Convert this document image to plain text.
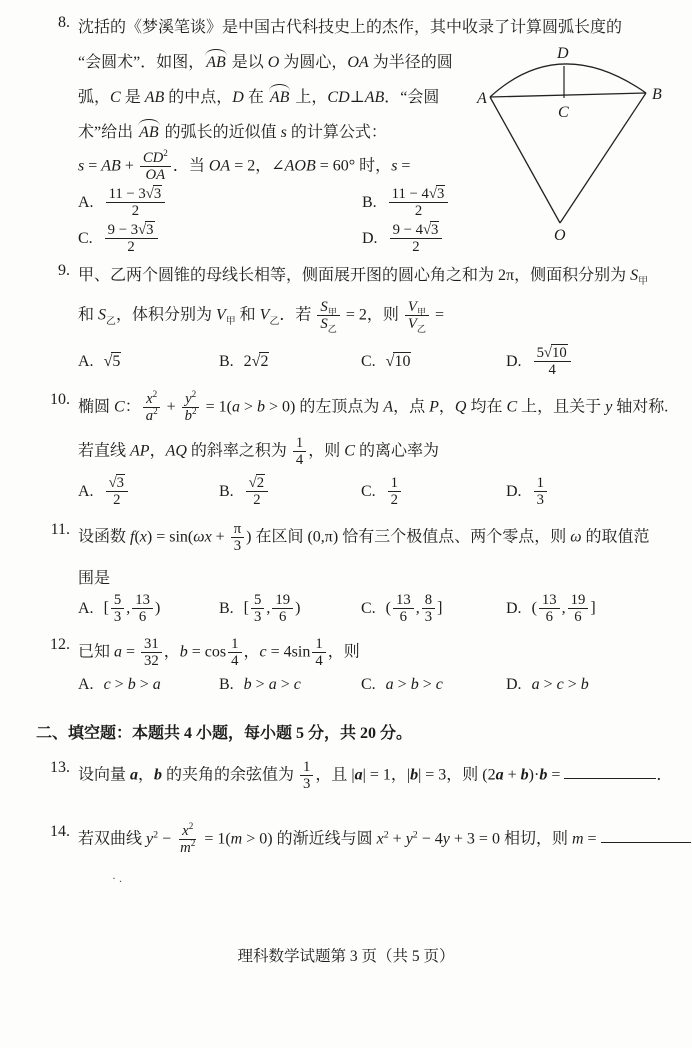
8. 沈括的《梦溪笔谈》是中国古代科技史上的杰作，其中收录了计算圆弧长度的
“会圆术”．如图， AB 是以 O 为圆心，OA 为半径的圆
弧，C 是 AB 的中点，D 在 AB 上，CD⊥AB．“会圆
术”给出 AB 的弧长的近似值 s 的计算公式：
s = AB + $\frac{CD^2}{OA}$ ．当 OA = 2，∠AOB = 60° 时，s =
A. $\frac{11 - 3√3}{2}$	B. $\frac{11 - 4√3}{2}$
C. $\frac{9 - 3√3}{2}$	D. $\frac{9 - 4√3}{2}$
A	B
C
D
O
9. 甲、乙两个圆锥的母线长相等，侧面展开图的圆心角之和为 2π，侧面积分别为 $S_甲$
和 $S_乙$，体积分别为 $V_甲$ 和 $V_乙$．若 $\frac{S_甲}{S_乙} = 2$，则 $\frac{V_甲}{V_乙}$ =
A. √5	B. 2√2	C. √10	D. $\frac{5√10}{4}$
10. 椭圆 C： $\frac{x^2}{a^2} + \frac{y^2}{b^2} = 1(a > b > 0)$ 的左顶点为 A，点 P，Q 均在 C 上，且关于 y 轴对称.
若直线 AP，AQ 的斜率之积为 $\frac{1}{4}$ ，则 C 的离心率为
A. $\frac{√3}{2}$	B. $\frac{√2}{2}$	C. $\frac{1}{2}$	D. $\frac{1}{3}$
11. 设函数 $f(x) = \sin(\omega x + \frac{\pi}{3}$ ) 在区间 (0,π) 恰有三个极值点、两个零点，则 ω 的取值范
围是
A. [ $\frac{5}{3}$ , $\frac{13}{6}$ )	B. [ $\frac{5}{3}$ , $\frac{19}{6}$ )	C. ( $\frac{13}{6}$ , $\frac{8}{3}$ ]	D. ( $\frac{13}{6}$ , $\frac{19}{6}$ ]
12. 已知 $a = \frac{31}{32}$ ，$b = \cos \frac{1}{4}$ ，$c = 4\sin \frac{1}{4}$ ，则
A. c > b > a	B. b > a > c	C. a > b > c	D. a > c > b
二、填空题：本题共 4 小题，每小题 5 分，共 20 分。
13. 设向量 a，b 的夹角的余弦值为 $\frac{1}{3}$ ，且 |a| = 1，|b| = 3，则 (2a + b)·b =	．
14. 若双曲线 $y^2 - \frac{x^2}{m^2} = 1(m > 0)$ 的渐近线与圆 $x^2 + y^2 - 4y + 3 = 0$ 相切，则 m =
· .
理科数学试题第 3 页（共 5 页）
